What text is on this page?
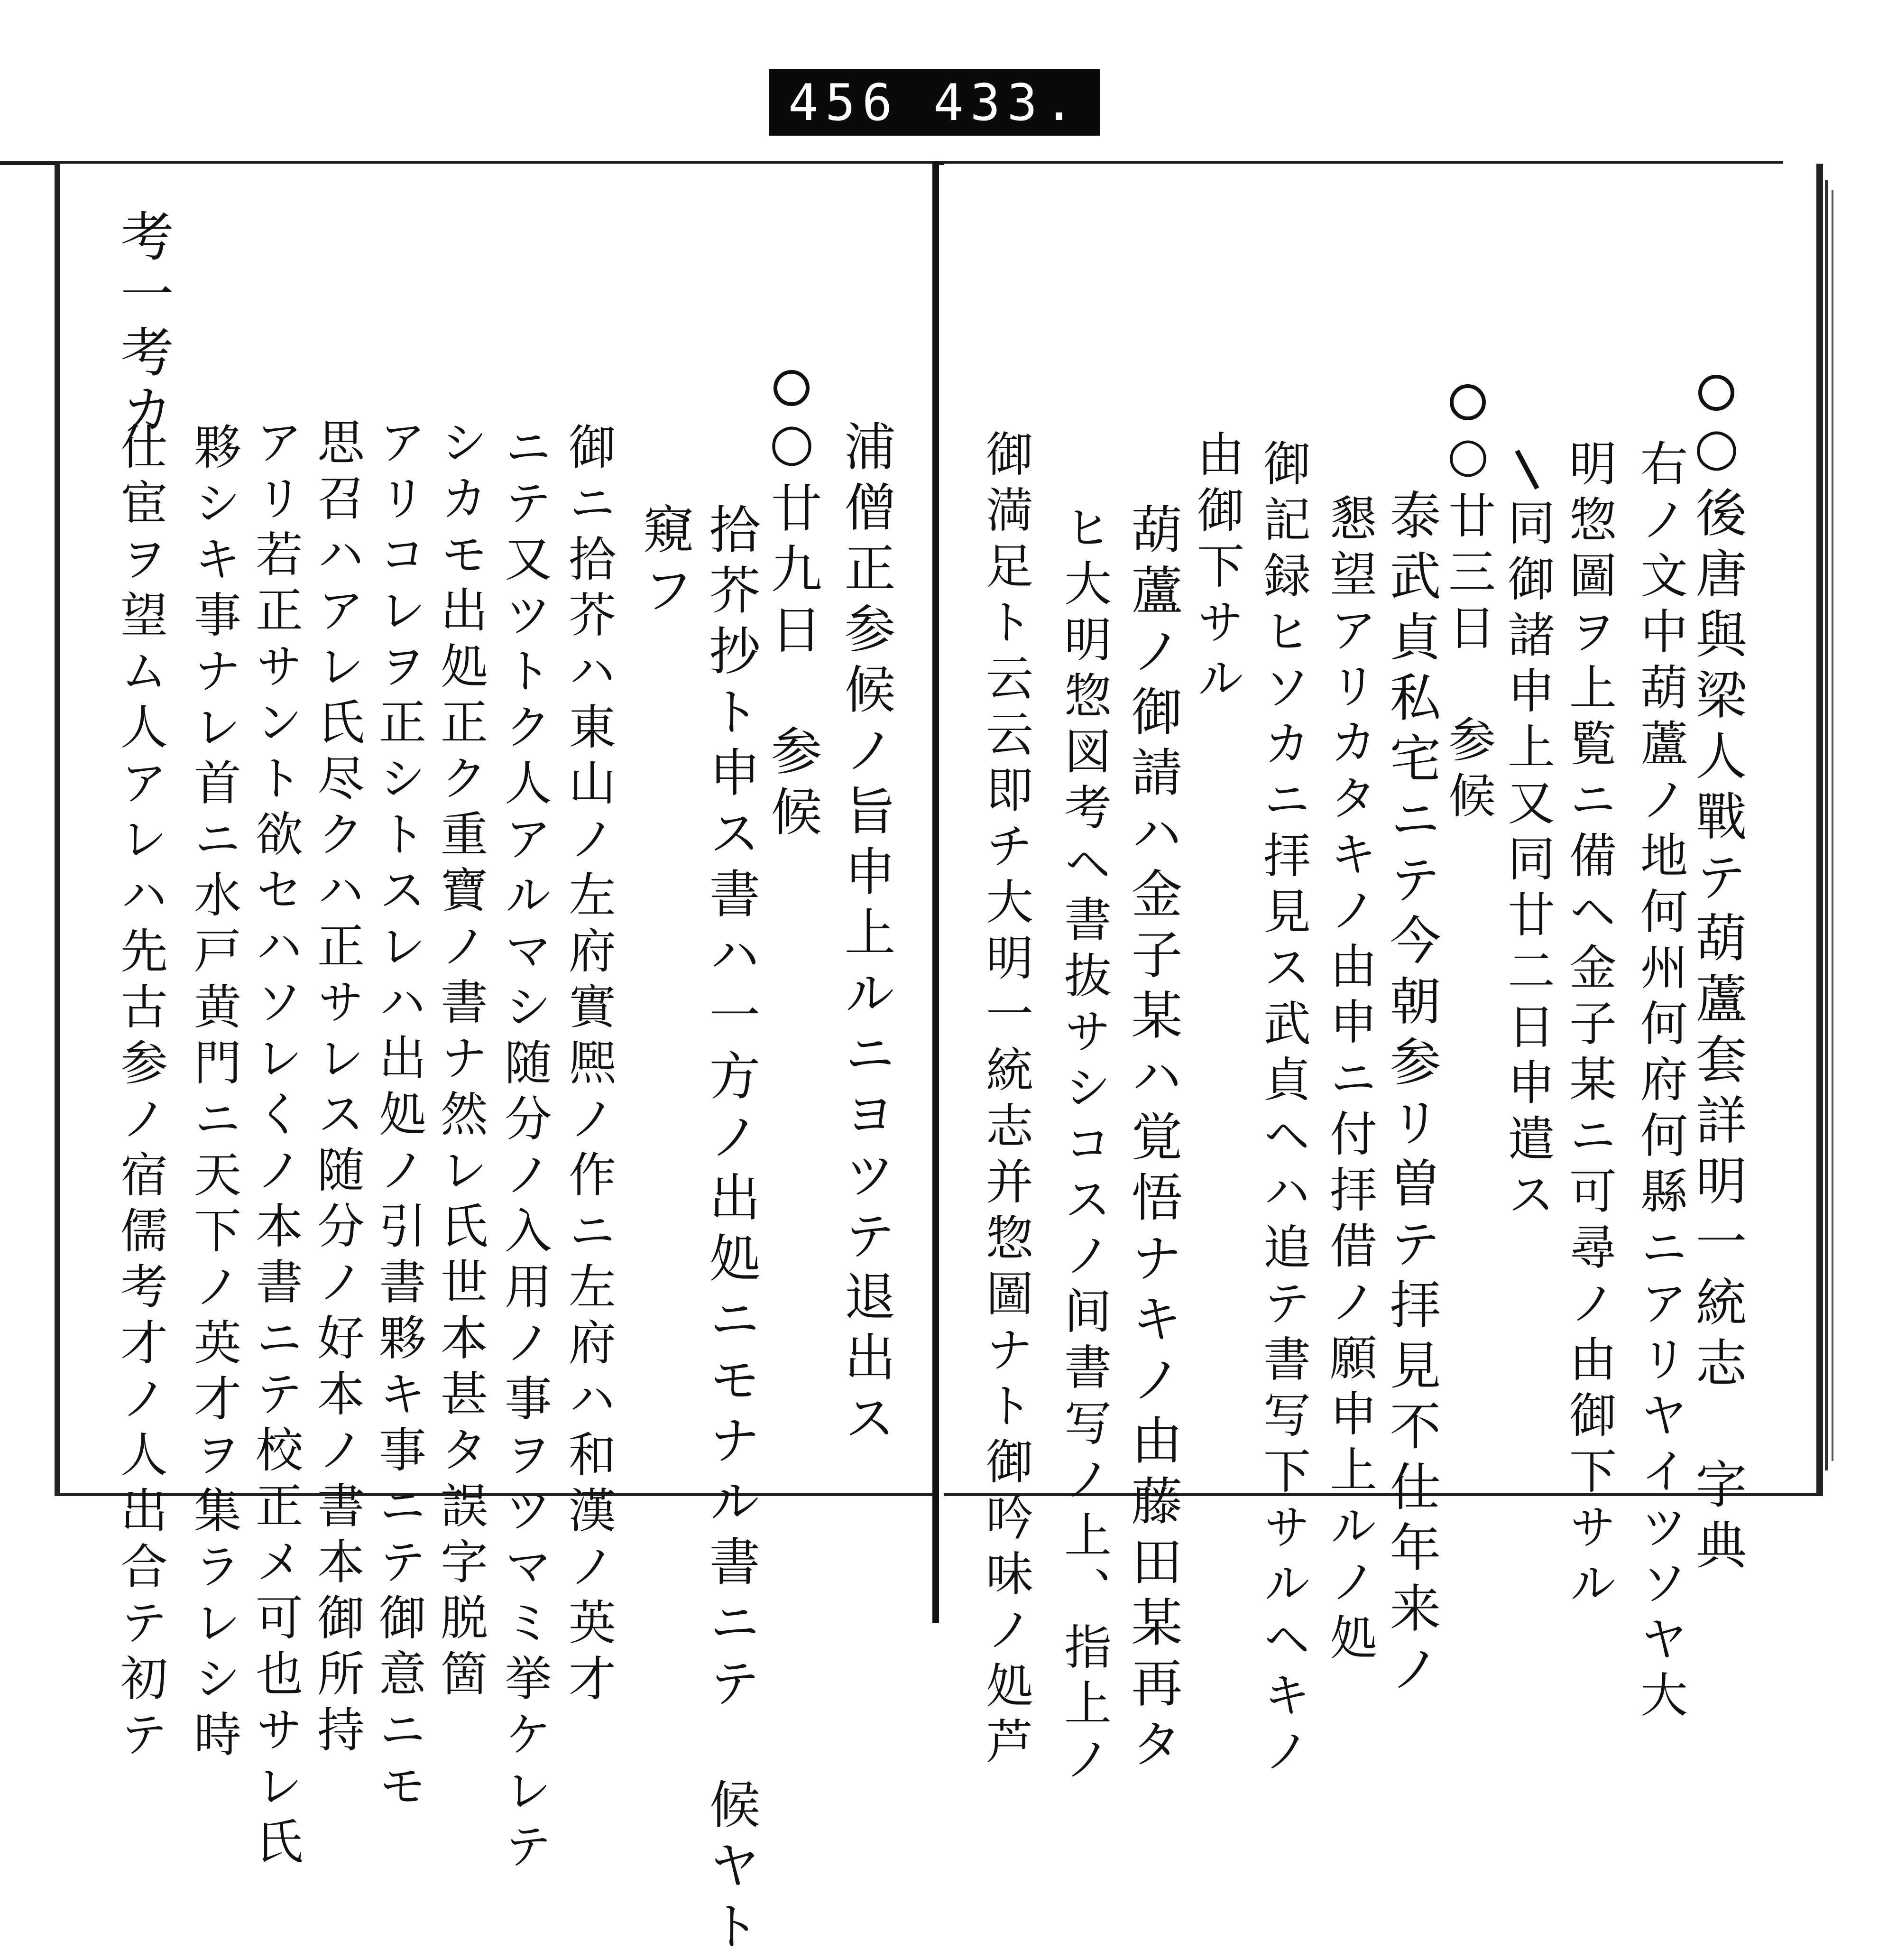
456 433.
○後唐與梁人戰テ葫蘆套詳明一統志　字典
右ノ文中葫蘆ノ地何州何府何縣ニアリヤイツソヤ大
明惣圖ヲ上覧ニ備ヘ金子某ニ可尋ノ由御下サル
同御諸申上又同廿二日申遣ス
○廿三日　参候
泰武貞私宅ニテ今朝参リ曽テ拝見不仕年来ノ
懇望アリカタキノ由申ニ付拝借ノ願申上ルノ処
御記録ヒソカニ拝見ス武貞ヘハ追テ書写下サルヘキノ
由御下サル
葫蘆ノ御請ハ金子某ハ覚悟ナキノ由藤田某再タ
ヒ大明惣図考ヘ書抜サシコスノ间書写ノ上、指上ノ
御満足ト云云即チ大明一統志并惣圖ナト御吟味ノ処芦
考一考カ
浦僧正参候ノ旨申上ルニヨツテ退出ス
○廿九日　参候
拾芥抄ト申ス書ハ一方ノ出処ニモナル書ニテ　候ヤト
窺フ
御ニ拾芥ハ東山ノ左府實熈ノ作ニ左府ハ和漢ノ英才
ニテ又ツトク人アルマシ随分ノ入用ノ事ヲツマミ挙ケレテ
シカモ出処正ク重寶ノ書ナ然レ氏世本甚タ誤字脱箇
アリコレヲ正シトスレハ出処ノ引書夥キ事ニテ御意ニモ
思召ハアレ氏尽クハ正サレス随分ノ好本ノ書本御所持
アリ若正サント欲セハソレくノ本書ニテ校正メ可也サレ氏
夥シキ事ナレ首ニ水戸黄門ニ天下ノ英才ヲ集ラレシ時
仕宦ヲ望ム人アレハ先古参ノ宿儒考才ノ人出合テ初テ
